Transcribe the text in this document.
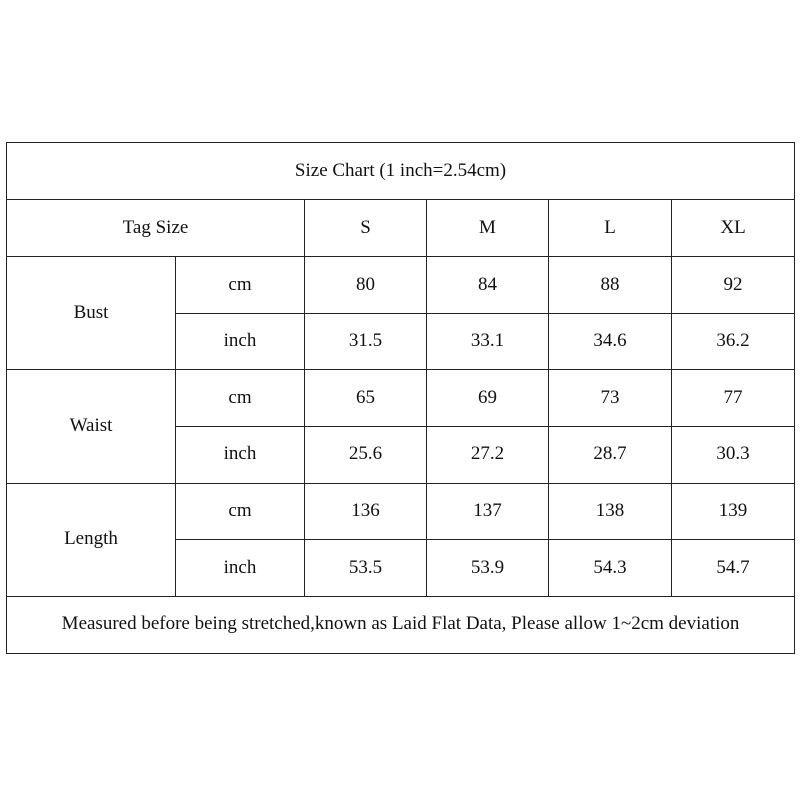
Size Chart (1 inch=2.54cm)					
Tag Size		S	M	L	XL
Bust	cm	80	84	88	92
	inch	31.5	33.1	34.6	36.2
Waist	cm	65	69	73	77
	inch	25.6	27.2	28.7	30.3
Length	cm	136	137	138	139
	inch	53.5	53.9	54.3	54.7
Measured before being stretched,known as Laid Flat Data, Please allow 1~2cm deviation					
